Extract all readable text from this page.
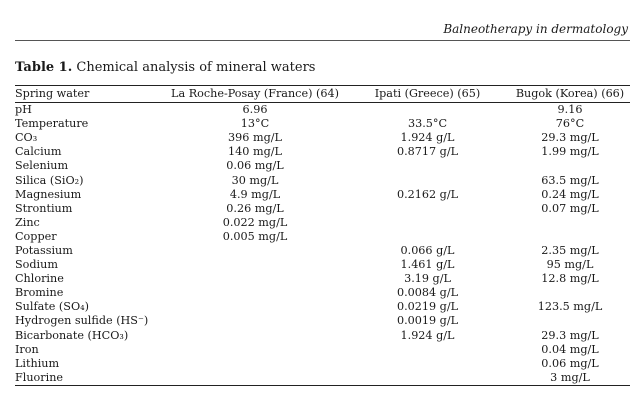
Balneotherapy in dermatology
Table 1. Chemical analysis of mineral waters
Spring water	La Roche-Posay (France) (64)	Ipati (Greece) (65)	Bugok (Korea) (66)
pH	6.96		9.16
Temperature	13°C	33.5°C	76°C
CO₃	396 mg/L	1.924 g/L	29.3 mg/L
Calcium	140 mg/L	0.8717 g/L	1.99 mg/L
Selenium	0.06 mg/L		
Silica (SiO₂)	30 mg/L		63.5 mg/L
Magnesium	4.9 mg/L	0.2162 g/L	0.24 mg/L
Strontium	0.26 mg/L		0.07 mg/L
Zinc	0.022 mg/L		
Copper	0.005 mg/L		
Potassium		0.066 g/L	2.35 mg/L
Sodium		1.461 g/L	95 mg/L
Chlorine		3.19 g/L	12.8 mg/L
Bromine		0.0084 g/L	
Sulfate (SO₄)		0.0219 g/L	123.5 mg/L
Hydrogen sulfide (HS⁻)		0.0019 g/L	
Bicarbonate (HCO₃)		1.924 g/L	29.3 mg/L
Iron			0.04 mg/L
Lithium			0.06 mg/L
Fluorine			3 mg/L
